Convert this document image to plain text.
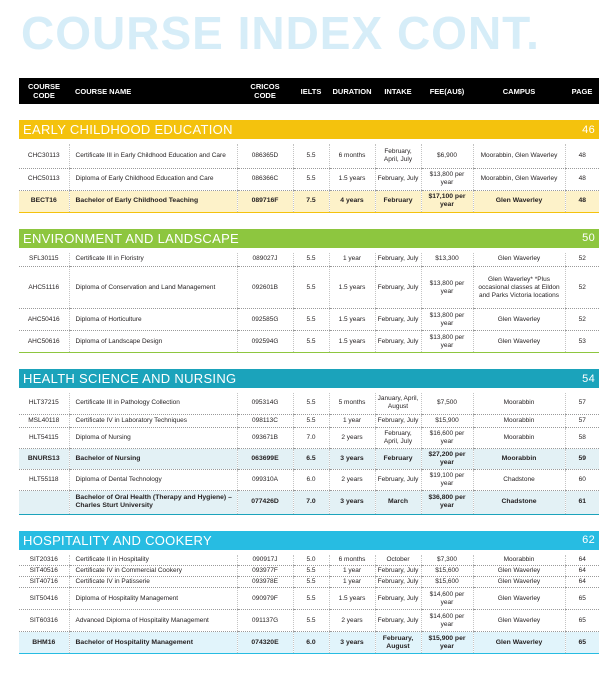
COURSE INDEX CONT.
COURSE CODE	COURSE NAME	CRICOS CODE	IELTS	DURATION	INTAKE	FEE(AU$)	CAMPUS	PAGE

EARLY CHILDHOOD EDUCATION								46

CHC30113	Certificate III in Early Childhood Education and Care	086365D	5.5	6 months	February, April, July	$6,900	Moorabbin, Glen Waverley	48
CHC50113	Diploma of Early Childhood Education and Care	086366C	5.5	1.5 years	February, July	$13,800 per year	Moorabbin, Glen Waverley	48
BECT16	Bachelor of Early Childhood Teaching	089716F	7.5	4 years	February	$17,100 per year	Glen Waverley	48

ENVIRONMENT AND LANDSCAPE								50

SFL30115	Certificate III in Floristry	089027J	5.5	1 year	February, July	$13,300	Glen Waverley	52
AHC51116	Diploma of Conservation and Land Management	092601B	5.5	1.5 years	February, July	$13,800 per year	Glen Waverley* *Plus occasional classes at Eildon and Parks Victoria locations	52
AHC50416	Diploma of Horticulture	092585G	5.5	1.5 years	February, July	$13,800 per year	Glen Waverley	52
AHC50616	Diploma of Landscape Design	092594G	5.5	1.5 years	February, July	$13,800 per year	Glen Waverley	53

HEALTH SCIENCE AND NURSING								54

HLT37215	Certificate III in Pathology Collection	095314G	5.5	5 months	January, April, August	$7,500	Moorabbin	57
MSL40118	Certificate IV in Laboratory Techniques	098113C	5.5	1 year	February, July	$15,900	Moorabbin	57
HLT54115	Diploma of Nursing	093671B	7.0	2 years	February, April, July	$16,600 per year	Moorabbin	58
BNURS13	Bachelor of Nursing	063699E	6.5	3 years	February	$27,200 per year	Moorabbin	59
HLT55118	Diploma of Dental Technology	099310A	6.0	2 years	February, July	$19,100 per year	Chadstone	60
	Bachelor of Oral Health (Therapy and Hygiene) – Charles Sturt University	077426D	7.0	3 years	March	$36,800 per year	Chadstone	61

HOSPITALITY AND COOKERY								62

SIT20316	Certificate II in Hospitality	090917J	5.0	6 months	October	$7,300	Moorabbin	64
SIT40516	Certificate IV in Commercial Cookery	093977F	5.5	1 year	February, July	$15,600	Glen Waverley	64
SIT40716	Certificate IV in Patisserie	093978E	5.5	1 year	February, July	$15,600	Glen Waverley	64
SIT50416	Diploma of Hospitality Management	090979F	5.5	1.5 years	February, July	$14,600 per year	Glen Waverley	65
SIT60316	Advanced Diploma of Hospitality Management	091137G	5.5	2 years	February, July	$14,600 per year	Glen Waverley	65
BHM16	Bachelor of Hospitality Management	074320E	6.0	3 years	February, August	$15,900 per year	Glen Waverley	65
